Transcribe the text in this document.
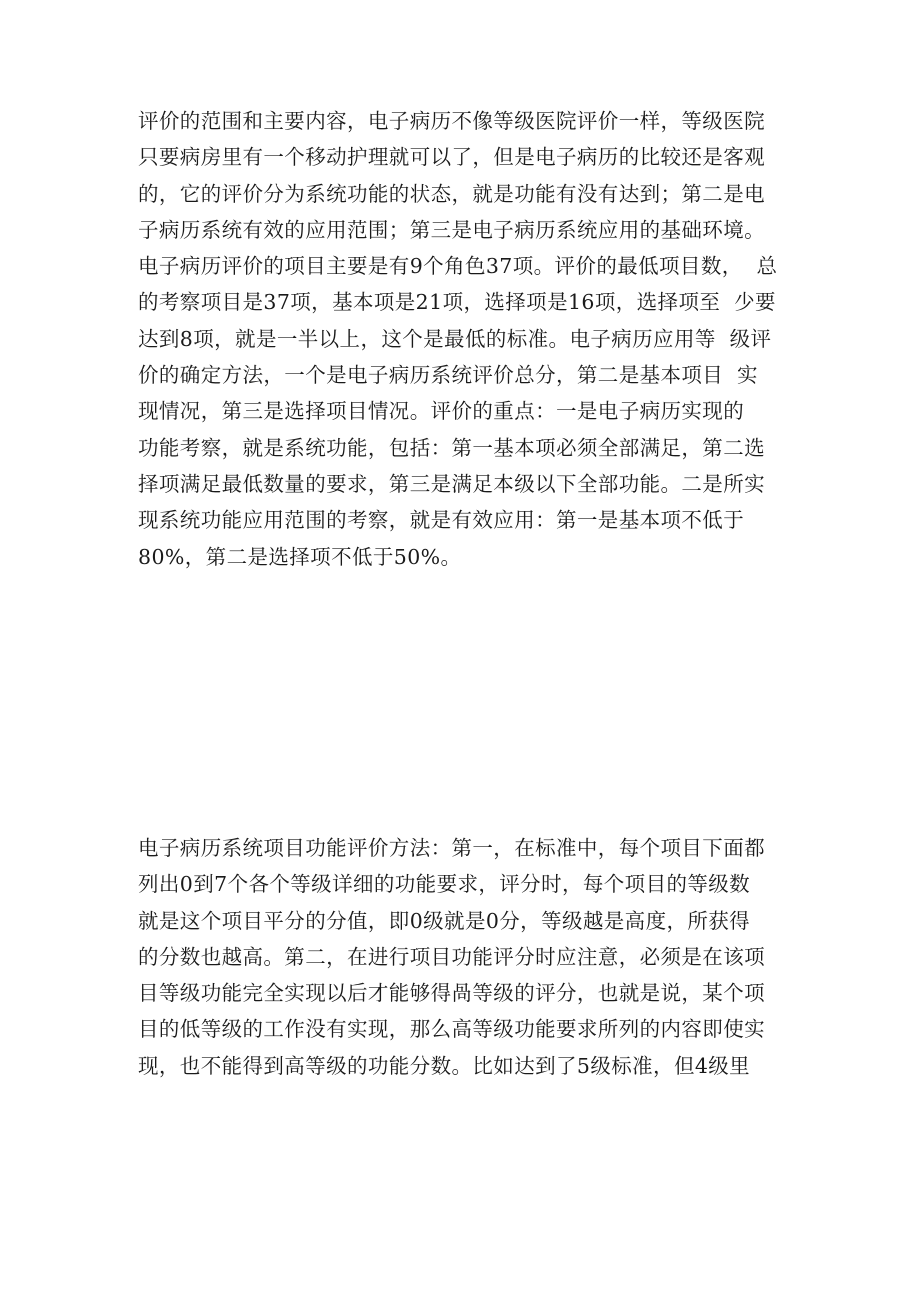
评价的范围和主要内容，电子病历不像等级医院评价一样，等级医院
只要病房里有一个移动护理就可以了，但是电子病历的比较还是客观
的，它的评价分为系统功能的状态，就是功能有没有达到；第二是电
子病历系统有效的应用范围；第三是电子病历系统应用的基础环境。
电子病历评价的项目主要是有9个角色37项。评价的最低项目数，  总
的考察项目是37项，基本项是21项，选择项是16项，选择项至  少要
达到8项，就是一半以上，这个是最低的标准。电子病历应用等  级评
价的确定方法，一个是电子病历系统评价总分，第二是基本项目  实
现情况，第三是选择项目情况。评价的重点：一是电子病历实现的
功能考察，就是系统功能，包括：第一基本项必须全部满足，第二选
择项满足最低数量的要求，第三是满足本级以下全部功能。二是所实
现系统功能应用范围的考察，就是有效应用：第一是基本项不低于
80%，第二是选择项不低于50%。
电子病历系统项目功能评价方法：第一，在标准中，每个项目下面都
列出0到7个各个等级详细的功能要求，评分时，每个项目的等级数
就是这个项目平分的分值，即0级就是0分，等级越是高度，所获得
的分数也越高。第二，在进行项目功能评分时应注意，必须是在该项
目等级功能完全实现以后才能够得咼等级的评分，也就是说，某个项
目的低等级的工作没有实现，那么高等级功能要求所列的内容即使实
现，也不能得到高等级的功能分数。比如达到了5级标准，但4级里
